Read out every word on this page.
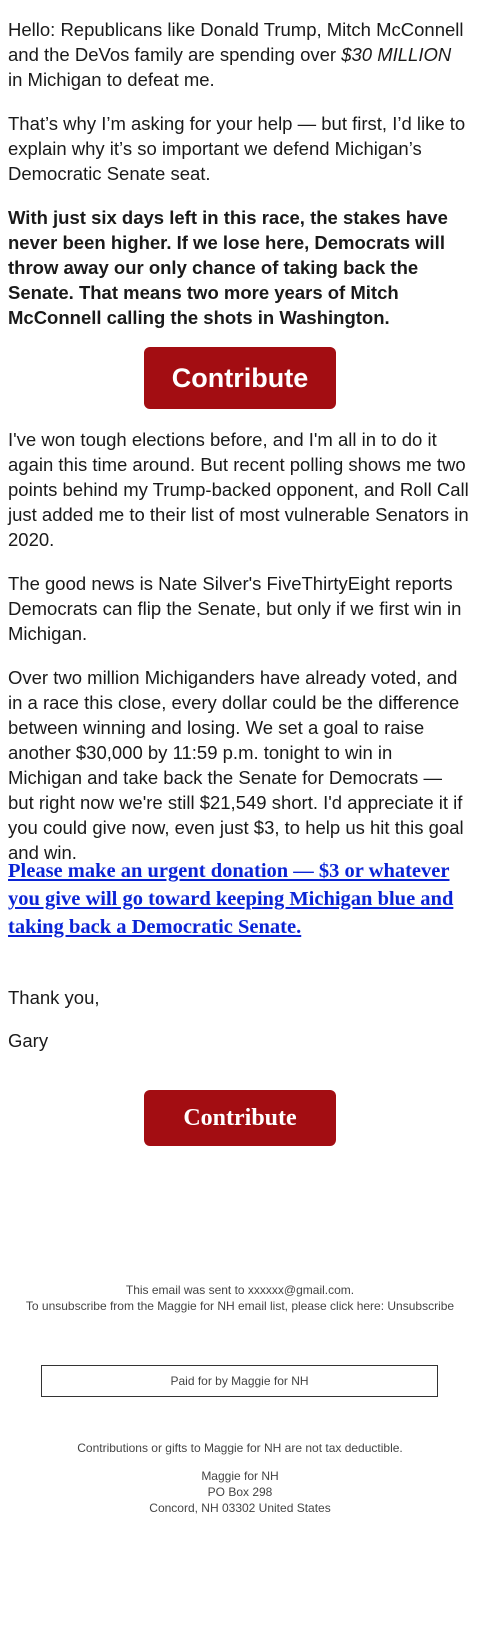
Hello: Republicans like Donald Trump, Mitch McConnell and the DeVos family are spending over $30 MILLION in Michigan to defeat me.

That’s why I’m asking for your help — but first, I’d like to explain why it’s so important we defend Michigan’s Democratic Senate seat.

With just six days left in this race, the stakes have never been higher. If we lose here, Democrats will throw away our only chance of taking back the Senate. That means two more years of Mitch McConnell calling the shots in Washington.

Contribute

I've won tough elections before, and I'm all in to do it again this time around. But recent polling shows me two points behind my Trump-backed opponent, and Roll Call just added me to their list of most vulnerable Senators in 2020.

The good news is Nate Silver's FiveThirtyEight reports Democrats can flip the Senate, but only if we first win in Michigan.

Over two million Michiganders have already voted, and in a race this close, every dollar could be the difference between winning and losing. We set a goal to raise another $30,000 by 11:59 p.m. tonight to win in Michigan and take back the Senate for Democrats — but right now we're still $21,549 short. I'd appreciate it if you could give now, even just $3, to help us hit this goal and win.

Please make an urgent donation — $3 or whatever you give will go toward keeping Michigan blue and taking back a Democratic Senate.

Thank you,

Gary

Contribute
This email was sent to xxxxxx@gmail.com.
To unsubscribe from the Maggie for NH email list, please click here: Unsubscribe
Paid for by Maggie for NH
Contributions or gifts to Maggie for NH are not tax deductible.
Maggie for NH
PO Box 298
Concord, NH 03302 United States
